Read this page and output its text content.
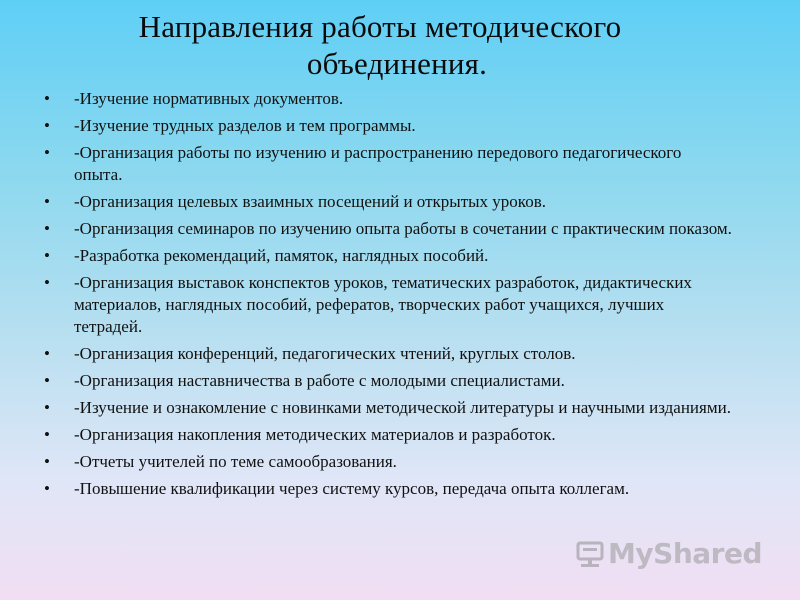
Направления работы методического
объединения.
• -Изучение нормативных документов.
• -Изучение трудных разделов и тем программы.
• -Организация работы по изучению и распространению передового педагогического опыта.
• -Организация целевых взаимных посещений и открытых уроков.
• -Организация семинаров по изучению опыта работы в сочетании с практическим показом.
• -Разработка рекомендаций, памяток, наглядных пособий.
• -Организация выставок конспектов уроков, тематических разработок, дидактических материалов, наглядных пособий, рефератов, творческих работ учащихся, лучших тетрадей.
• -Организация конференций, педагогических чтений, круглых столов.
• -Организация наставничества в работе с молодыми специалистами.
• -Изучение и ознакомление с новинками методической литературы и научными изданиями.
• -Организация накопления методических материалов и разработок.
• -Отчеты учителей по теме самообразования.
• -Повышение квалификации через систему курсов, передача опыта коллегам.
MyShared
